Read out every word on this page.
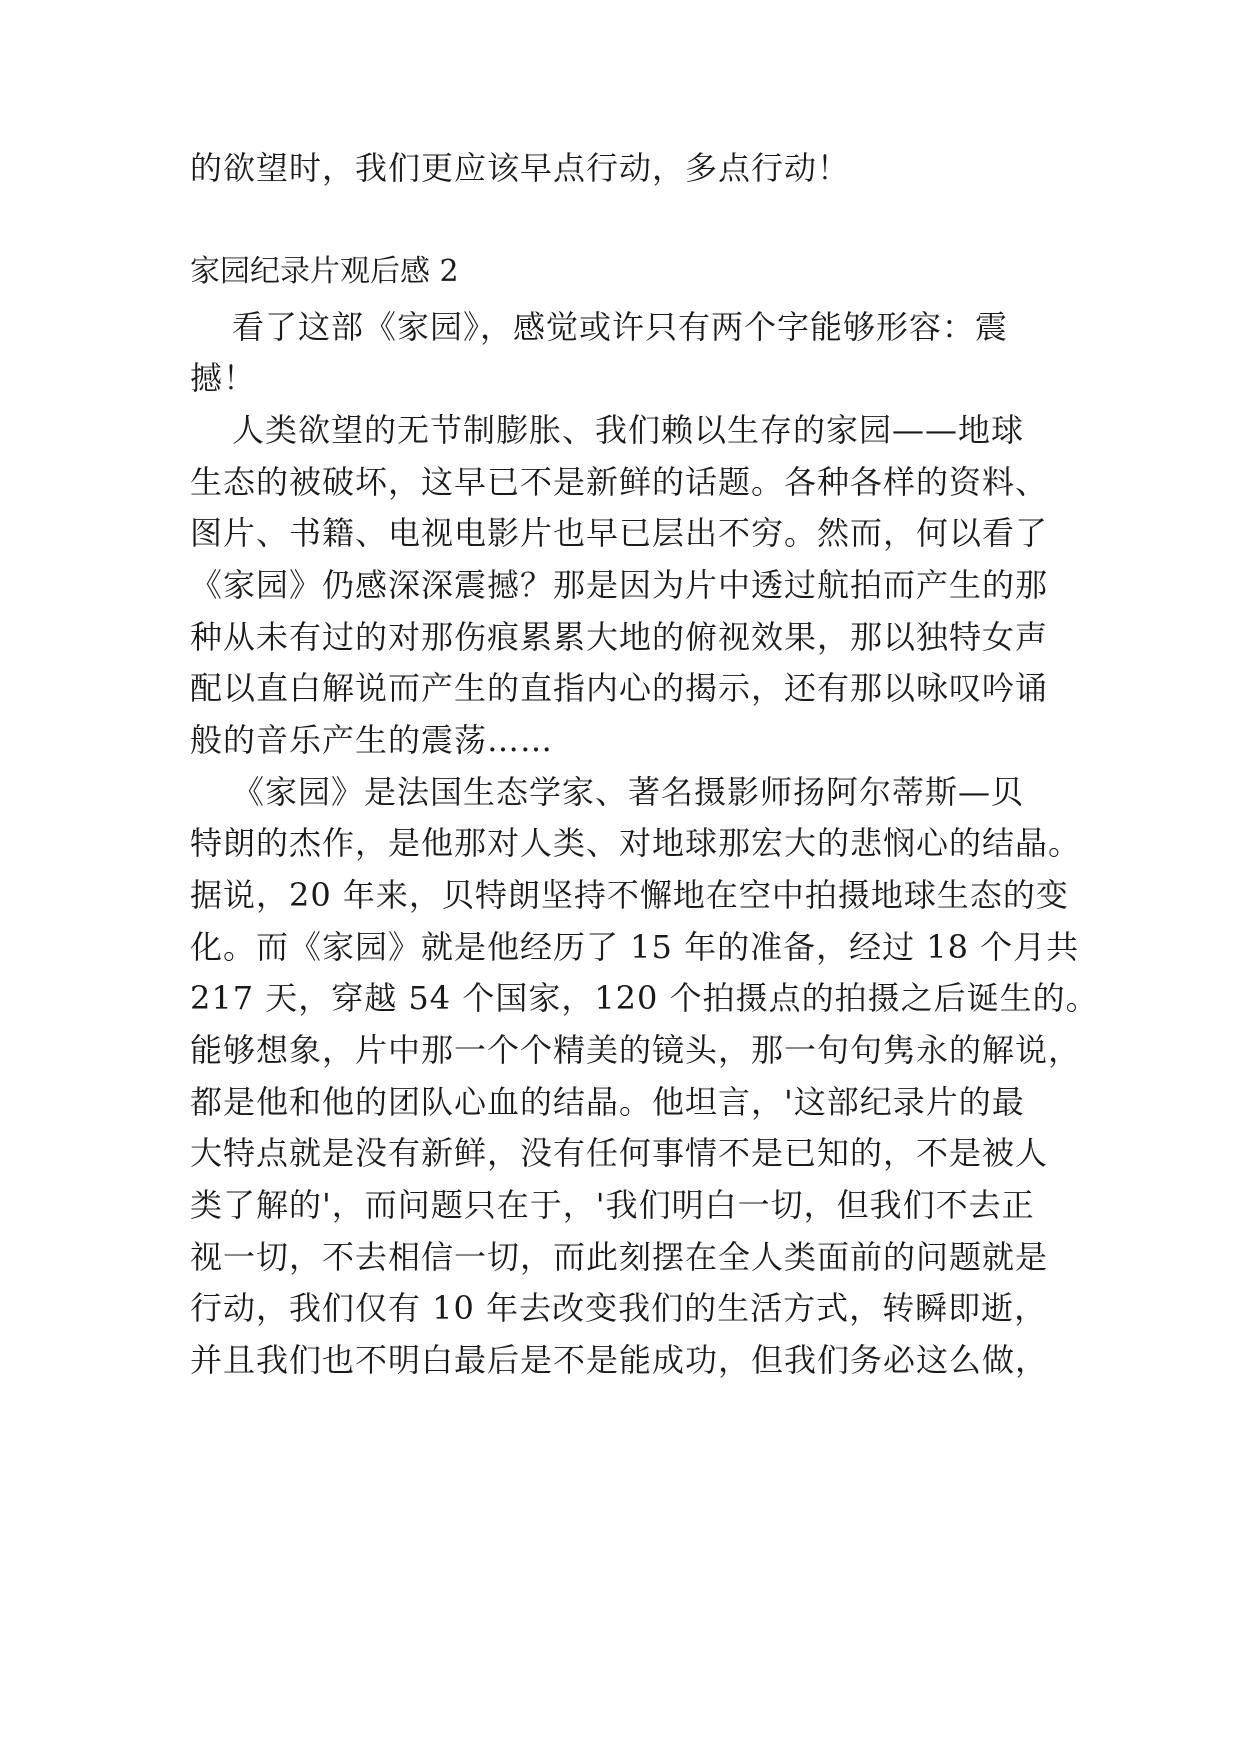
的欲望时，我们更应该早点行动，多点行动！
家园纪录片观后感 2
看了这部《家园》，感觉或许只有两个字能够形容：震
撼！
人类欲望的无节制膨胀、我们赖以生存的家园——地球
生态的被破坏，这早已不是新鲜的话题。各种各样的资料、
图片、书籍、电视电影片也早已层出不穷。然而，何以看了
《家园》仍感深深震撼？那是因为片中透过航拍而产生的那
种从未有过的对那伤痕累累大地的俯视效果，那以独特女声
配以直白解说而产生的直指内心的揭示，还有那以咏叹吟诵
般的音乐产生的震荡……
《家园》是法国生态学家、著名摄影师扬阿尔蒂斯—贝
特朗的杰作，是他那对人类、对地球那宏大的悲悯心的结晶。
据说，20 年来，贝特朗坚持不懈地在空中拍摄地球生态的变
化。而《家园》就是他经历了 15 年的准备，经过 18 个月共
217 天，穿越 54 个国家，120 个拍摄点的拍摄之后诞生的。
能够想象，片中那一个个精美的镜头，那一句句隽永的解说，
都是他和他的团队心血的结晶。他坦言，'这部纪录片的最
大特点就是没有新鲜，没有任何事情不是已知的，不是被人
类了解的'，而问题只在于，'我们明白一切，但我们不去正
视一切，不去相信一切，而此刻摆在全人类面前的问题就是
行动，我们仅有 10 年去改变我们的生活方式，转瞬即逝，
并且我们也不明白最后是不是能成功，但我们务必这么做，
